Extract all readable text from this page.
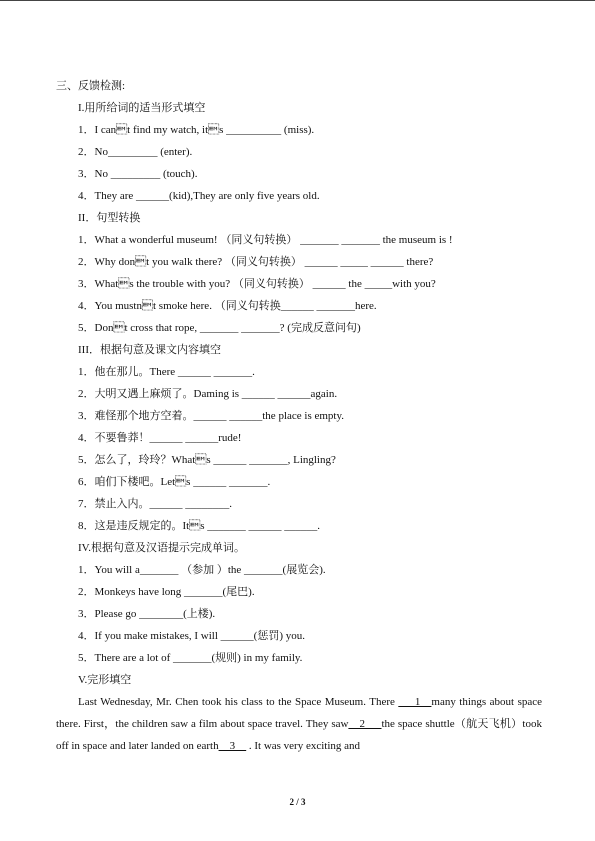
三、反馈检测:
I.用所给词的适当形式填空
1．I cant find my watch, its __________ (miss).
2．No_________ (enter).
3．No _________ (touch).
4．They are ______(kid),They are only five years old.
II．句型转换
1．What a wonderful museum! （同义句转换） _______ _______ the museum is !
2．Why dont you walk there? （同义句转换） ______ _____ ______ there?
3．Whats the trouble with you? （同义句转换） ______ the _____with you?
4．You mustnt smoke here. （同义句转换______ _______here.
5．Dont cross that rope, _______ _______? (完成反意问句)
III．根据句意及课文内容填空
1．他在那儿。There ______ _______.
2．大明又遇上麻烦了。Daming is ______ ______again.
3．难怪那个地方空着。______ ______the place is empty.
4．不要鲁莽！______ ______rude!
5．怎么了，玲玲？Whats ______ _______, Lingling?
6．咱们下楼吧。Lets ______ _______.
7．禁止入内。______ ________.
8．这是违反规定的。Its _______ ______ ______.
IV.根据句意及汉语提示完成单词。
1．You will a_______ （参加 ）the _______(展览会).
2．Monkeys have long _______(尾巴).
3．Please go ________(上楼).
4．If you make mistakes, I will ______(惩罚) you.
5．There are a lot of _______(规则) in my family.
V.完形填空
Last Wednesday, Mr. Chen took his class to the Space Museum. There ___1__many things about space there. First，the children saw a film about space travel. They saw__2___the space shuttle（航天飞机）took off in space and later landed on earth__3__ . It was very exciting and
2 / 3
